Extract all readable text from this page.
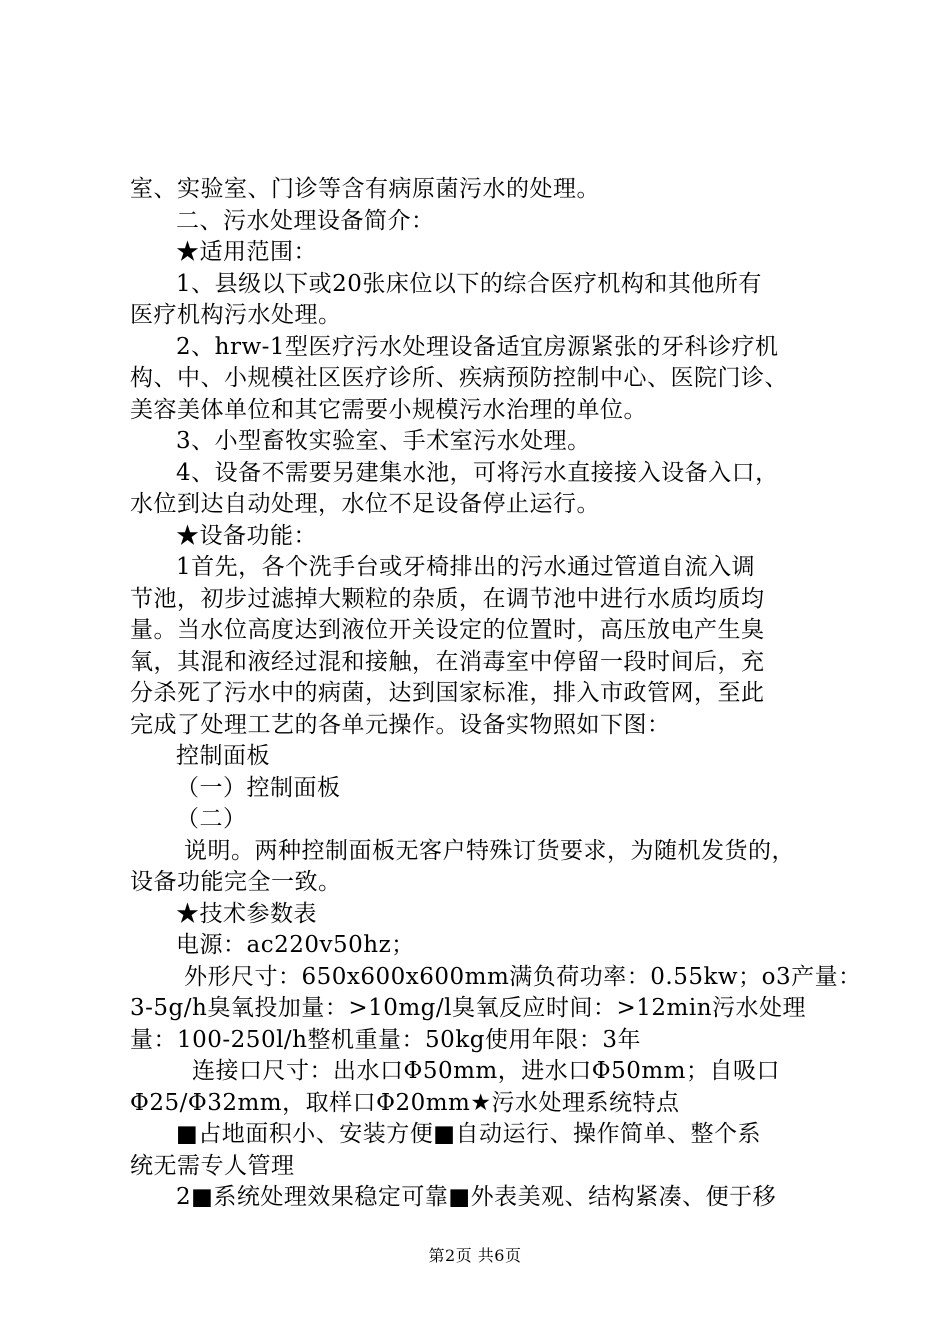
室、实验室、门诊等含有病原菌污水的处理。
二、污水处理设备简介：
★适用范围：
1、县级以下或20张床位以下的综合医疗机构和其他所有
医疗机构污水处理。
2、hrw-1型医疗污水处理设备适宜房源紧张的牙科诊疗机
构、中、小规模社区医疗诊所、疾病预防控制中心、医院门诊、
美容美体单位和其它需要小规模污水治理的单位。
3、小型畜牧实验室、手术室污水处理。
4、设备不需要另建集水池，可将污水直接接入设备入口，
水位到达自动处理，水位不足设备停止运行。
★设备功能：
1首先，各个洗手台或牙椅排出的污水通过管道自流入调
节池，初步过滤掉大颗粒的杂质，在调节池中进行水质均质均
量。当水位高度达到液位开关设定的位置时，高压放电产生臭
氧，其混和液经过混和接触，在消毒室中停留一段时间后，充
分杀死了污水中的病菌，达到国家标准，排入市政管网，至此
完成了处理工艺的各单元操作。设备实物照如下图：
控制面板
（一）控制面板
（二）
说明。两种控制面板无客户特殊订货要求，为随机发货的，
设备功能完全一致。
★技术参数表
电源：ac220v50hz；
外形尺寸：650x600x600mm满负荷功率：0.55kw；o3产量：
3-5g/h臭氧投加量：>10mg/l臭氧反应时间：>12min污水处理
量：100-250l/h整机重量：50kg使用年限：3年
连接口尺寸：出水口Φ50mm，进水口Φ50mm；自吸口
Φ25/Φ32mm，取样口Φ20mm★污水处理系统特点
■占地面积小、安装方便■自动运行、操作简单、整个系
统无需专人管理
2■系统处理效果稳定可靠■外表美观、结构紧凑、便于移
第2页 共6页
